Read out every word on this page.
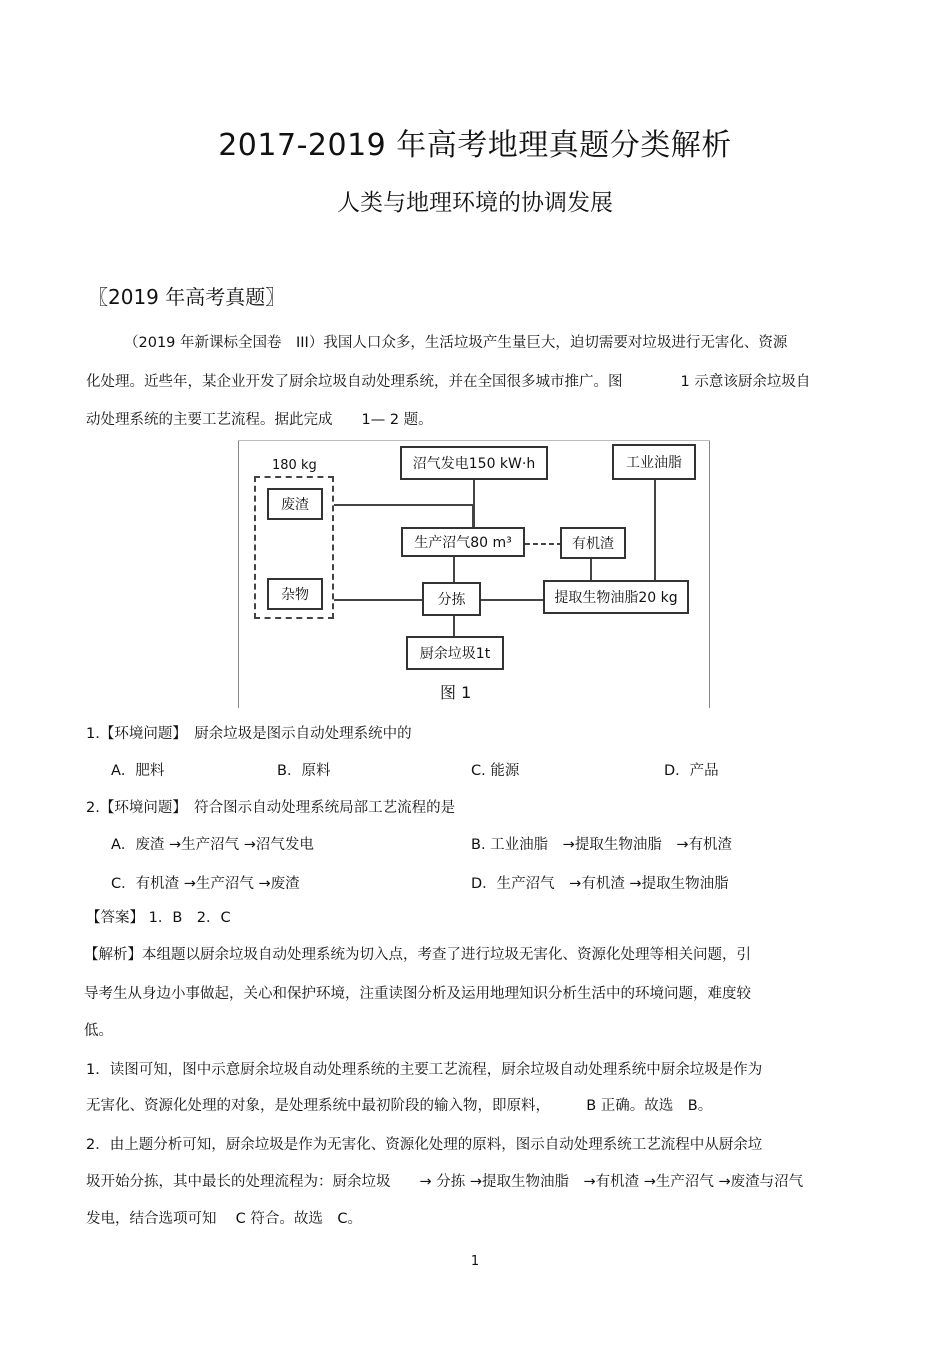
2017-2019 年高考地理真题分类解析
人类与地理环境的协调发展
〖2019 年高考真题〗
（2019 年新课标全国卷　III）我国人口众多，生活垃圾产生量巨大，迫切需要对垃圾进行无害化、资源
化处理。近些年，某企业开发了厨余垃圾自动处理系统，并在全国很多城市推广。图　　　　1 示意该厨余垃圾自
动处理系统的主要工艺流程。据此完成　　1— 2 题。
180 kg	沼气发电150 kW·h	工业油脂
废渣
生产沼气80 m³	有机渣
杂物	分拣	提取生物油脂20 kg
厨余垃圾1t
图 1
1.【环境问题】　厨余垃圾是图示自动处理系统中的
A．肥料	B．原料	C. 能源	D．产品
2.【环境问题】　符合图示自动处理系统局部工艺流程的是
A．废渣 →生产沼气 →沼气发电	B. 工业油脂　→提取生物油脂　→有机渣
C．有机渣 →生产沼气 →废渣	D．生产沼气　→有机渣 →提取生物油脂
【答案】 1．B　2．C
【解析】本组题以厨余垃圾自动处理系统为切入点，考查了进行垃圾无害化、资源化处理等相关问题，引
导考生从身边小事做起，关心和保护环境，注重读图分析及运用地理知识分析生活中的环境问题，难度较
低。
1．读图可知，图中示意厨余垃圾自动处理系统的主要工艺流程，厨余垃圾自动处理系统中厨余垃圾是作为
无害化、资源化处理的对象，是处理系统中最初阶段的输入物，即原料，　　　B 正确。故选　B。
2．由上题分析可知，厨余垃圾是作为无害化、资源化处理的原料，图示自动处理系统工艺流程中从厨余垃
圾开始分拣，其中最长的处理流程为：厨余垃圾　　→ 分拣 →提取生物油脂　→有机渣 →生产沼气 →废渣与沼气
发电，结合选项可知　 C 符合。故选　C。
1
